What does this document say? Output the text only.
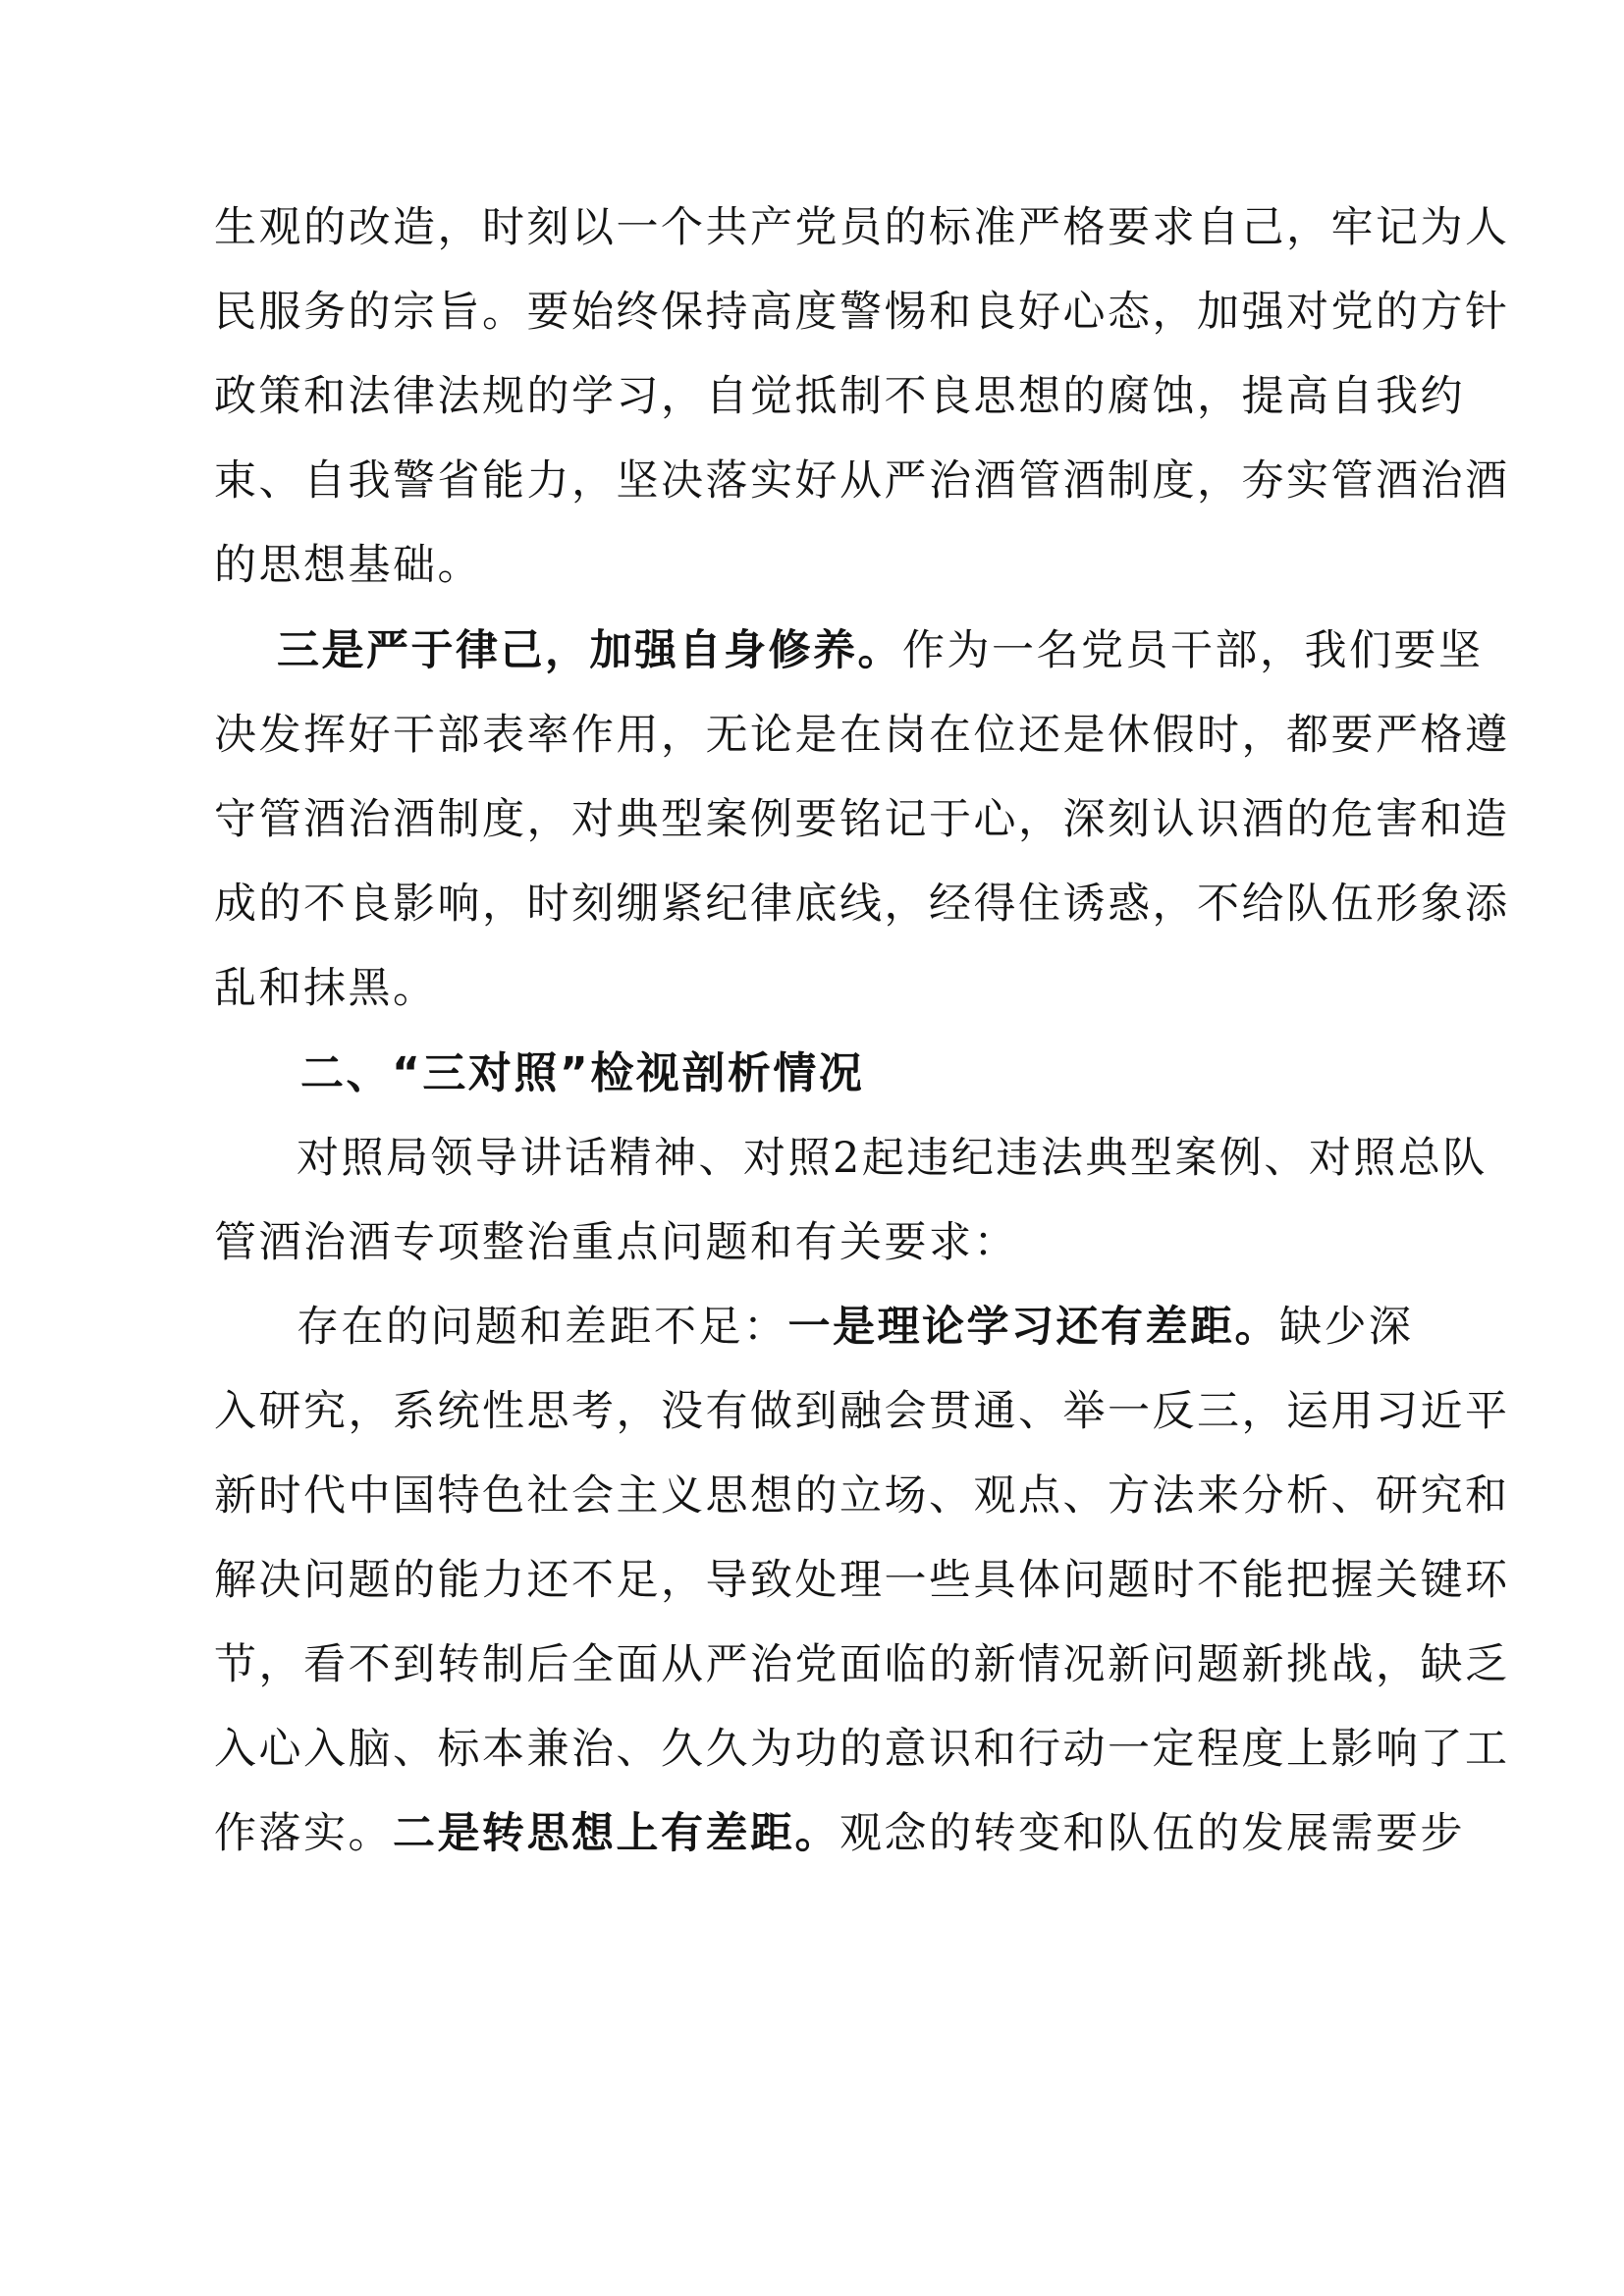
生观的改造，时刻以一个共产党员的标准严格要求自己，牢记为人
民服务的宗旨。要始终保持高度警惕和良好心态，加强对党的方针
政策和法律法规的学习，自觉抵制不良思想的腐蚀，提高自我约
束、自我警省能力，坚决落实好从严治酒管酒制度，夯实管酒治酒
的思想基础。
三是严于律己，加强自身修养。作为一名党员干部，我们要坚
决发挥好干部表率作用，无论是在岗在位还是休假时，都要严格遵
守管酒治酒制度，对典型案例要铭记于心，深刻认识酒的危害和造
成的不良影响，时刻绷紧纪律底线，经得住诱惑，不给队伍形象添
乱和抹黑。
二、“三对照”检视剖析情况
对照局领导讲话精神、对照2起违纪违法典型案例、对照总队
管酒治酒专项整治重点问题和有关要求：
存在的问题和差距不足：一是理论学习还有差距。缺少深
入研究，系统性思考，没有做到融会贯通、举一反三，运用习近平
新时代中国特色社会主义思想的立场、观点、方法来分析、研究和
解决问题的能力还不足，导致处理一些具体问题时不能把握关键环
节，看不到转制后全面从严治党面临的新情况新问题新挑战，缺乏
入心入脑、标本兼治、久久为功的意识和行动一定程度上影响了工
作落实。二是转思想上有差距。观念的转变和队伍的发展需要步
